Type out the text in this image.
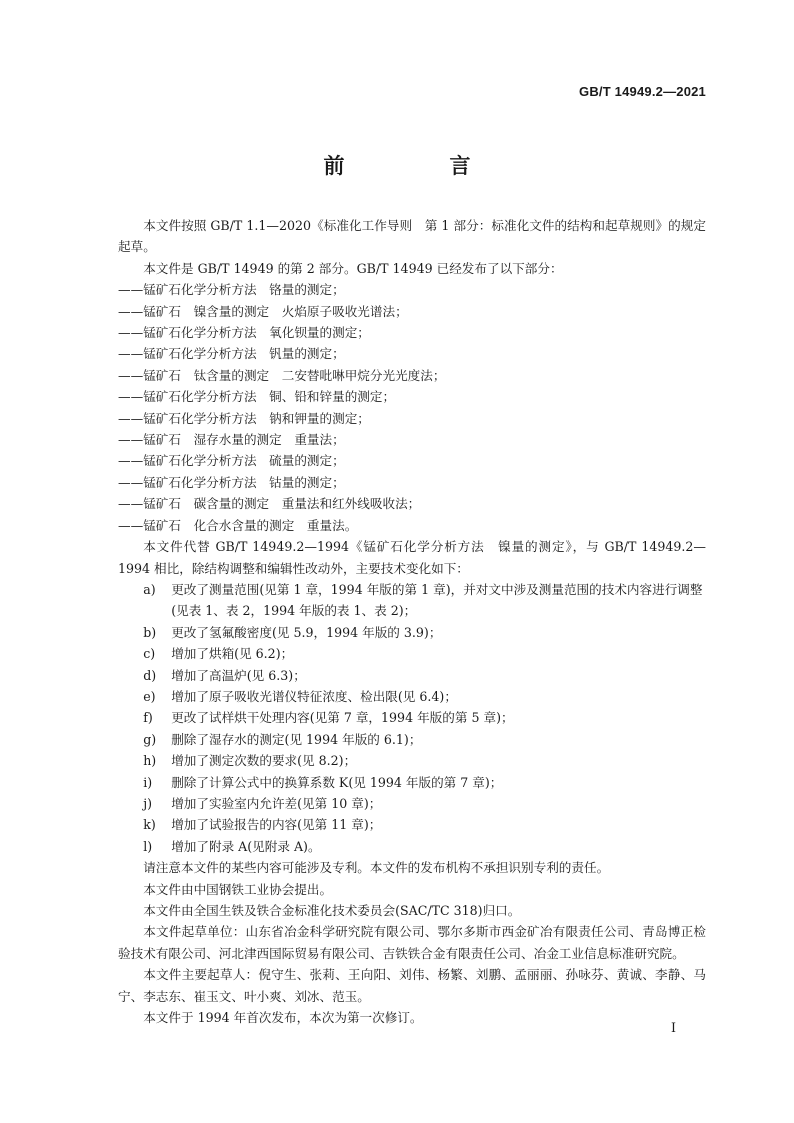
GB/T 14949.2—2021
前　言

本文件按照 GB/T 1.1—2020《标准化工作导则　第 1 部分：标准化文件的结构和起草规则》的规定起草。

本文件是 GB/T 14949 的第 2 部分。GB/T 14949 已经发布了以下部分：

——锰矿石化学分析方法　铬量的测定；

——锰矿石　镍含量的测定　火焰原子吸收光谱法；

——锰矿石化学分析方法　氧化钡量的测定；

——锰矿石化学分析方法　钒量的测定；

——锰矿石　钛含量的测定　二安替吡啉甲烷分光光度法；

——锰矿石化学分析方法　铜、铅和锌量的测定；

——锰矿石化学分析方法　钠和钾量的测定；

——锰矿石　湿存水量的测定　重量法；

——锰矿石化学分析方法　硫量的测定；

——锰矿石化学分析方法　钴量的测定；

——锰矿石　碳含量的测定　重量法和红外线吸收法；

——锰矿石　化合水含量的测定　重量法。

本文件代替 GB/T 14949.2—1994《锰矿石化学分析方法　镍量的测定》，与 GB/T 14949.2—1994 相比，除结构调整和编辑性改动外，主要技术变化如下：

a) 更改了测量范围(见第 1 章，1994 年版的第 1 章)，并对文中涉及测量范围的技术内容进行调整(见表 1、表 2，1994 年版的表 1、表 2)；

b) 更改了氢氟酸密度(见 5.9，1994 年版的 3.9)；

c) 增加了烘箱(见 6.2)；

d) 增加了高温炉(见 6.3)；

e) 增加了原子吸收光谱仪特征浓度、检出限(见 6.4)；

f) 更改了试样烘干处理内容(见第 7 章，1994 年版的第 5 章)；

g) 删除了湿存水的测定(见 1994 年版的 6.1)；

h) 增加了测定次数的要求(见 8.2)；

i) 删除了计算公式中的换算系数 K(见 1994 年版的第 7 章)；

j) 增加了实验室内允许差(见第 10 章)；

k) 增加了试验报告的内容(见第 11 章)；

l) 增加了附录 A(见附录 A)。

请注意本文件的某些内容可能涉及专利。本文件的发布机构不承担识别专利的责任。

本文件由中国钢铁工业协会提出。

本文件由全国生铁及铁合金标准化技术委员会(SAC/TC 318)归口。

本文件起草单位：山东省冶金科学研究院有限公司、鄂尔多斯市西金矿冶有限责任公司、青岛博正检验技术有限公司、河北津西国际贸易有限公司、吉铁铁合金有限责任公司、冶金工业信息标准研究院。

本文件主要起草人：倪守生、张莉、王向阳、刘伟、杨繁、刘鹏、孟丽丽、孙咏芬、黄诚、李静、马宁、李志东、崔玉文、叶小爽、刘冰、范玉。

本文件于 1994 年首次发布，本次为第一次修订。

I
